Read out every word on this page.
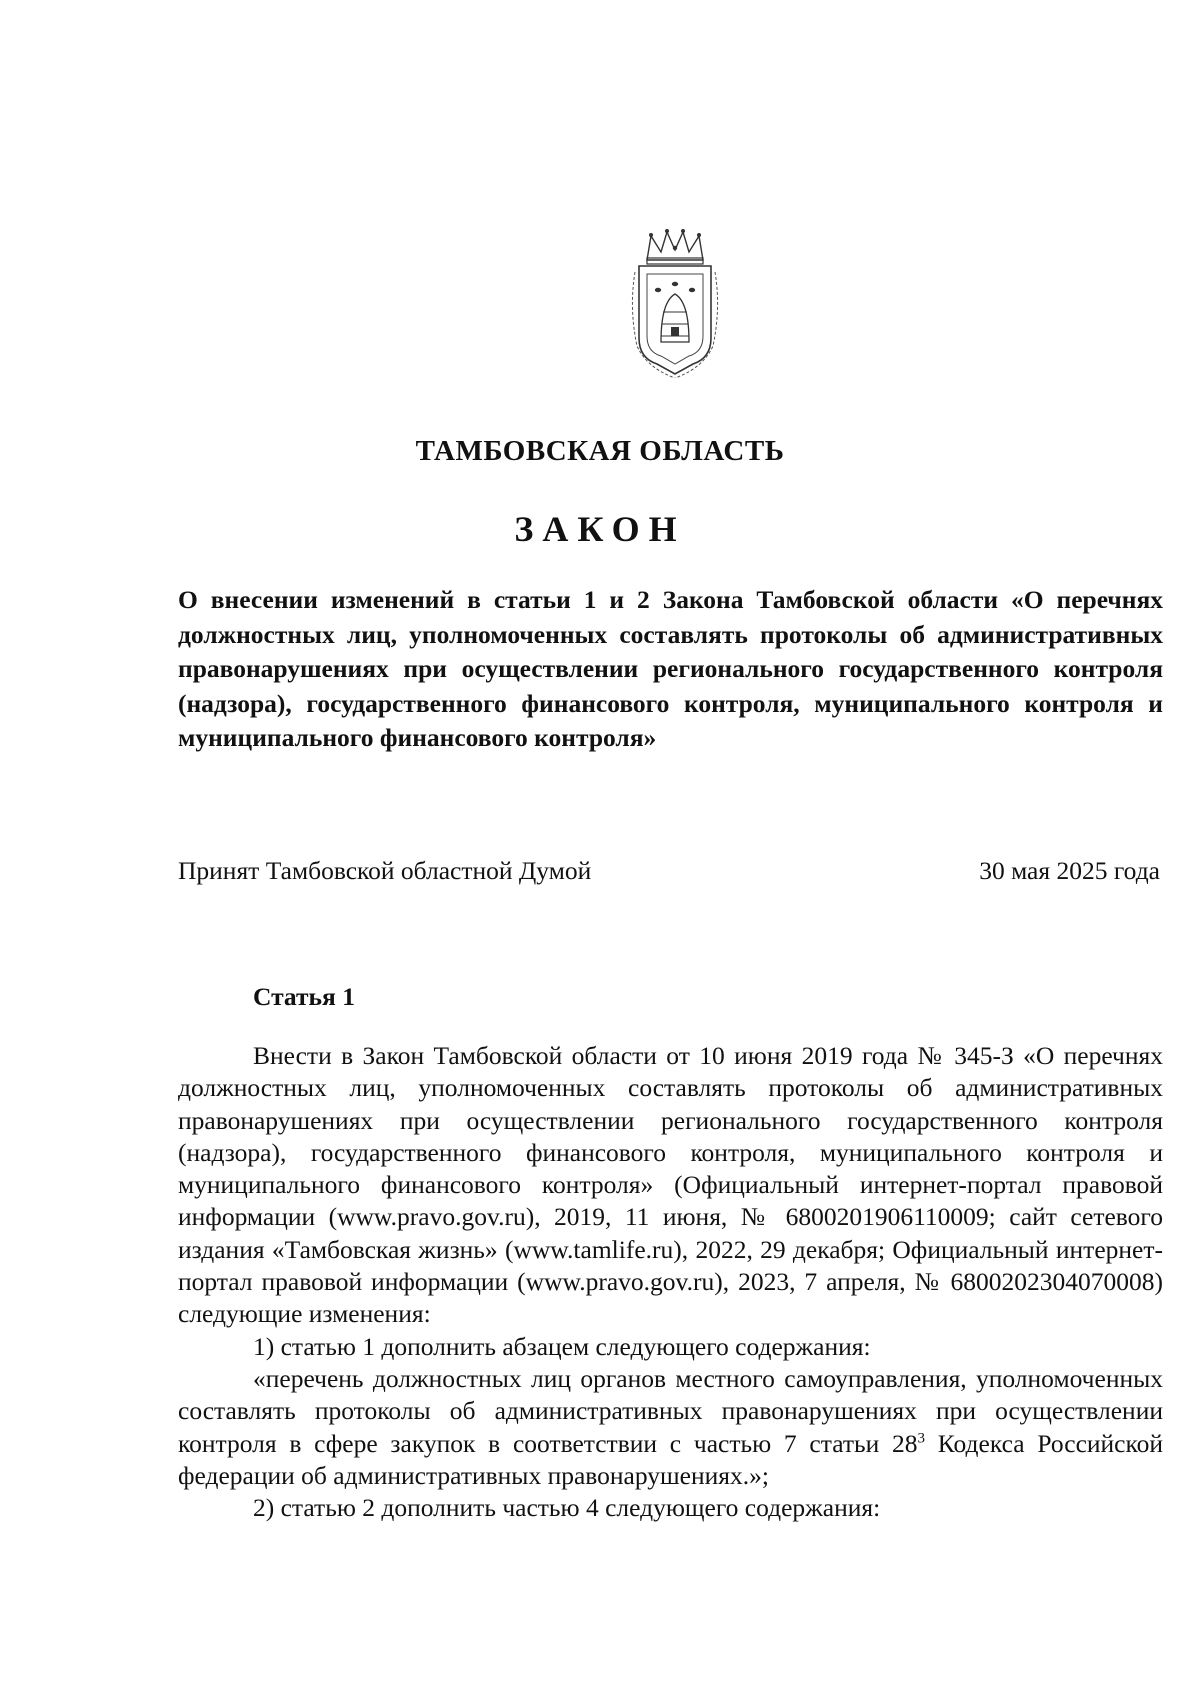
ТАМБОВСКАЯ ОБЛАСТЬ
ЗАКОН
О внесении изменений в статьи 1 и 2 Закона Тамбовской области «О перечнях должностных лиц, уполномоченных составлять протоколы об административных правонарушениях при осуществлении регионального государственного контроля (надзора), государственного финансового контроля, муниципального контроля и муниципального финансового контроля»
Принят Тамбовской областной Думой	30 мая 2025 года
Статья 1

Внести в Закон Тамбовской области от 10 июня 2019 года № 345-З «О перечнях должностных лиц, уполномоченных составлять протоколы об административных правонарушениях при осуществлении регионального государственного контроля (надзора), государственного финансового контроля, муниципального контроля и муниципального финансового контроля» (Официальный интернет-портал правовой информации (www.pravo.gov.ru), 2019, 11 июня, № 6800201906110009; сайт сетевого издания «Тамбовская жизнь» (www.tamlife.ru), 2022, 29 декабря; Официальный интернет-портал правовой информации (www.pravo.gov.ru), 2023, 7 апреля, № 6800202304070008) следующие изменения:

1) статью 1 дополнить абзацем следующего содержания:

«перечень должностных лиц органов местного самоуправления, уполномоченных составлять протоколы об административных правонарушениях при осуществлении контроля в сфере закупок в соответствии с частью 7 статьи $28^3$ Кодекса Российской федерации об административных правонарушениях.»;

2) статью 2 дополнить частью 4 следующего содержания:
